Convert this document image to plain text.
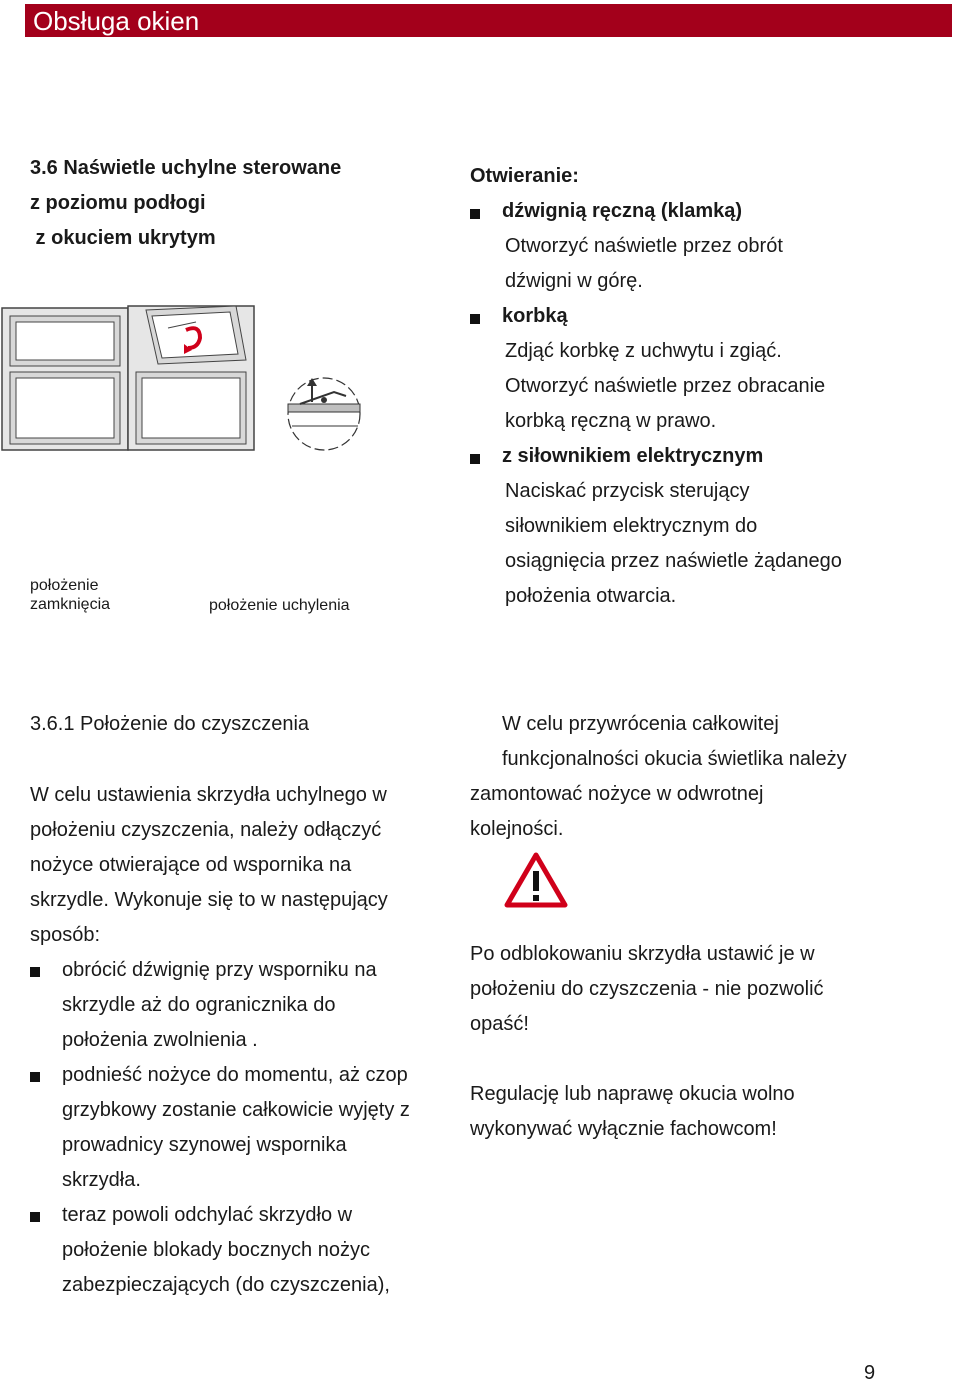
Obsługa okien
3.6 Naświetle uchylne sterowane
z poziomu podłogi
z okuciem ukrytym
położenie
zamknięcia	położenie uchylenia
Otwieranie:
dźwignią ręczną (klamką)
Otworzyć naświetle przez obrót
dźwigni w górę.
korbką
Zdjąć korbkę z uchwytu i zgiąć.
Otworzyć naświetle przez obracanie
korbką ręczną w prawo.
z siłownikiem elektrycznym
Naciskać przycisk sterujący
siłownikiem elektrycznym do
osiągnięcia przez naświetle żądanego
położenia otwarcia.
3.6.1 Położenie do czyszczenia
W celu ustawienia skrzydła uchylnego w
położeniu czyszczenia, należy odłączyć
nożyce otwierające od wspornika na
skrzydle. Wykonuje się to w następujący
sposób:
obrócić dźwignię przy wsporniku na
skrzydle aż do ogranicznika do
położenia zwolnienia .
podnieść nożyce do momentu, aż czop
grzybkowy zostanie całkowicie wyjęty z
prowadnicy szynowej wspornika
skrzydła.
teraz powoli odchylać skrzydło w
położenie blokady bocznych nożyc
zabezpieczających (do czyszczenia),
W celu przywrócenia całkowitej
funkcjonalności okucia świetlika należy
zamontować nożyce w odwrotnej
kolejności.
Po odblokowaniu skrzydła ustawić je w
położeniu do czyszczenia - nie pozwolić
opaść!
Regulację lub naprawę okucia wolno
wykonywać wyłącznie fachowcom!
9
